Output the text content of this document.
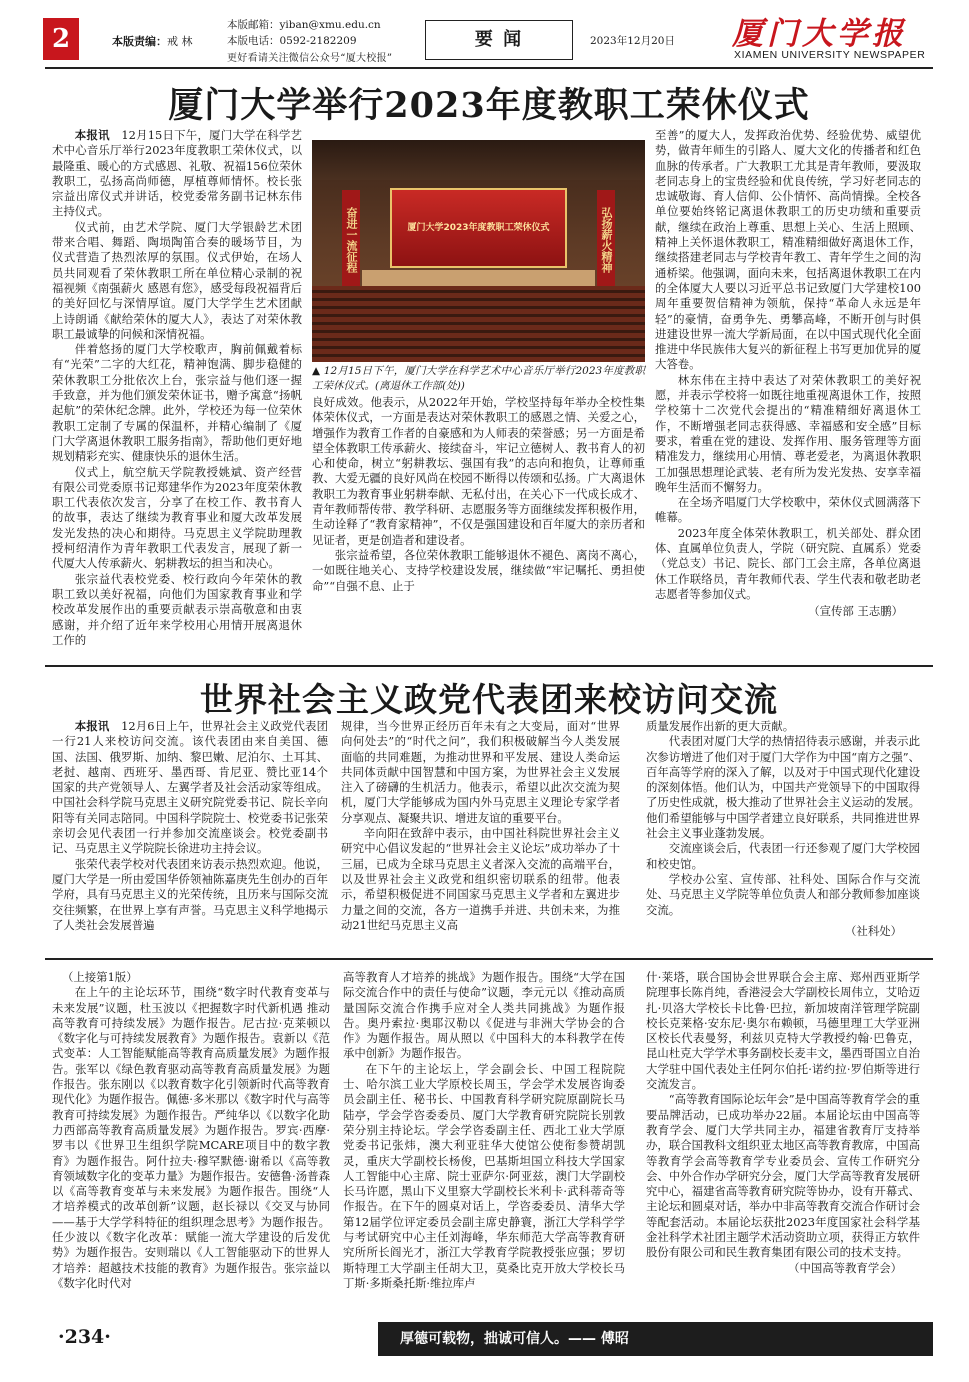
2	本版责编：戒 林
本版邮箱：yiban@xmu.edu.cn
本版电话：0592-2182209
更好看请关注微信公众号“厦大校报”
要 闻	2023年12月20日 厦门大学报
XIAMEN UNIVERSITY NEWSPAPER
厦门大学举行2023年度教职工荣休仪式
厦门大学2023年度教职工荣休仪式
奋进一流征程	弘扬薪火精神
▲ 12月15日下午，厦门大学在科学艺术中心音乐厅举行2023年度教职工荣休仪式。(离退休工作部(处))

本报讯　 12月15日下午，厦门大学在科学艺术中心音乐厅举行2023年度教职工荣休仪式，以最隆重、暖心的方式感恩、礼敬、祝福156位荣休教职工，弘扬高尚师德，厚植尊师情怀。校长张宗益出席仪式并讲话，校党委常务副书记林东伟主持仪式。

仪式前，由艺术学院、厦门大学银龄艺术团带来合唱、舞蹈、陶埙陶笛合奏的暖场节目，为仪式营造了热烈浓厚的氛围。仪式伊始，在场人员共同观看了荣休教职工所在单位精心录制的祝福视频《南强薪火 感恩有您》，感受每段祝福背后的美好回忆与深情厚谊。厦门大学学生艺术团献上诗朗诵《献给荣休的厦大人》，表达了对荣休教职工最诚挚的问候和深情祝福。

伴着悠扬的厦门大学校歌声，胸前佩戴着标有“光荣”二字的大红花，精神饱满、脚步稳健的荣休教职工分批依次上台，张宗益与他们逐一握手致意，并为他们颁发荣休证书，赠予寓意“扬帆起航”的荣休纪念牌。此外，学校还为每一位荣休教职工定制了专属的保温杯，并精心编制了《厦门大学离退休教职工服务指南》，帮助他们更好地规划精彩充实、健康快乐的退休生活。

仪式上，航空航天学院教授姚斌、资产经营有限公司党委原书记郑建华作为2023年度荣休教职工代表依次发言，分享了在校工作、教书育人的故事，表达了继续为教育事业和厦大改革发展发光发热的决心和期待。马克思主义学院助理教授柯绍清作为青年教职工代表发言，展现了新一代厦大人传承薪火、躬耕教坛的担当和决心。

张宗益代表校党委、校行政向今年荣休的教职工致以美好祝福，向他们为国家教育事业和学校改革发展作出的重要贡献表示崇高敬意和由衷感谢，并介绍了近年来学校用心用情开展离退休工作的

良好成效。他表示，从2022年开始，学校坚持每年举办全校性集体荣休仪式，一方面是表达对荣休教职工的感恩之情、关爱之心，增强作为教育工作者的自豪感和为人师表的荣誉感；另一方面是希望全体教职工传承薪火、接续奋斗，牢记立德树人、教书育人的初心和使命，树立“躬耕教坛、强国有我”的志向和抱负，让尊师重教、大爱无疆的良好风尚在校园不断得以传颂和弘扬。广大离退休教职工为教育事业躬耕奉献、无私付出，在关心下一代成长成才、青年教师帮传带、教学科研、志愿服务等方面继续发挥积极作用，生动诠释了“教育家精神”，不仅是强国建设和百年厦大的亲历者和见证者，更是创造者和建设者。

张宗益希望，各位荣休教职工能够退休不褪色、离岗不离心，一如既往地关心、支持学校建设发展，继续做“牢记嘱托、勇担使命”“自强不息、止于

至善”的厦大人，发挥政治优势、经验优势、威望优势，做青年师生的引路人、厦大文化的传播者和红色血脉的传承者。广大教职工尤其是青年教师，要汲取老同志身上的宝贵经验和优良传统，学习好老同志的忠诚敬诲、育人信仰、公仆情怀、高尚情操。全校各单位要始终铭记离退休教职工的历史功绩和重要贡献，继续在政治上尊重、思想上关心、生活上照顾、精神上关怀退休教职工，精准精细做好离退休工作，继续搭建老同志与学校青年教工、青年学生之间的沟通桥梁。他强调，面向未来，包括离退休教职工在内的全体厦大人要以习近平总书记致厦门大学建校100周年重要贺信精神为领航，保持“革命人永远是年轻”的豪情，奋勇争先、勇攀高峰，不断开创与时俱进建设世界一流大学新局面，在以中国式现代化全面推进中华民族伟大复兴的新征程上书写更加优异的厦大答卷。

林东伟在主持中表达了对荣休教职工的美好祝愿，并表示学校将一如既往地重视离退休工作，按照学校第十二次党代会提出的“精准精细好离退休工作，不断增强老同志获得感、幸福感和安全感”目标要求，着重在党的建设、发挥作用、服务管理等方面精准发力，继续用心用情、尊老爱老，为离退休教职工加强思想理论武装、老有所为发光发热、安享幸福晚年生活而不懈努力。

在全场齐唱厦门大学校歌中，荣休仪式圆满落下帷幕。

2023年度全体荣休教职工，机关部处、群众团体、直属单位负责人，学院（研究院、直属系）党委（党总支）书记、院长、部门工会主席，各单位离退休工作联络员，青年教师代表、学生代表和敬老助老志愿者等参加仪式。

（宣传部 王志鹏）

世界社会主义政党代表团来校访问交流

本报讯　 12月6日上午，世界社会主义政党代表团一行21人来校访问交流。该代表团由来自美国、德国、法国、俄罗斯、加纳、黎巴嫩、尼泊尔、土耳其、老挝、越南、西班牙、墨西哥、肯尼亚、赞比亚14个国家的共产党领导人、左翼学者及社会活动家等组成。中国社会科学院马克思主义研究院党委书记、院长辛向阳等有关同志陪同。中国科学院院士、校党委书记张荣亲切会见代表团一行并参加交流座谈会。校党委副书记、马克思主义学院院长徐进功主持会议。

张荣代表学校对代表团来访表示热烈欢迎。他说，厦门大学是一所由爱国华侨领袖陈嘉庚先生创办的百年学府，具有马克思主义的光荣传统，且历来与国际交流交往频繁，在世界上享有声誉。马克思主义科学地揭示了人类社会发展普遍

规律，当今世界正经历百年未有之大变局，面对“世界向何处去”的“时代之问”，我们积极破解当今人类发展面临的共同难题，为推动世界和平发展、建设人类命运共同体贡献中国智慧和中国方案，为世界社会主义发展注入了磅礴的生机活力。他表示，希望以此次交流为契机，厦门大学能够成为国内外马克思主义理论专家学者分享观点、凝聚共识、增进友谊的重要平台。

辛向阳在致辞中表示，由中国社科院世界社会主义研究中心倡议发起的“世界社会主义论坛”成功举办了十三届，已成为全球马克思主义者深入交流的高端平台，以及世界社会主义政党和组织密切联系的纽带。他表示，希望积极促进不同国家马克思主义学者和左翼进步力量之间的交流，各方一道携手并进、共创未来，为推动21世纪马克思主义高

质量发展作出新的更大贡献。

代表团对厦门大学的热情招待表示感谢，并表示此次参访增进了他们对于厦门大学作为中国“南方之强”、百年高等学府的深入了解，以及对于中国式现代化建设的深刻体悟。他们认为，中国共产党领导下的中国取得了历史性成就，极大推动了世界社会主义运动的发展。他们希望能够与中国学者建立良好联系，共同推进世界社会主义事业蓬勃发展。

交流座谈会后，代表团一行还参观了厦门大学校园和校史馆。

学校办公室、宣传部、社科处、国际合作与交流处、马克思主义学院等单位负责人和部分教师参加座谈交流。

（社科处）

（上接第1版）

在上午的主论坛环节，围绕“数字时代教育变革与未来发展”议题，杜玉波以《把握数字时代新机遇 推动高等教育可持续发展》为题作报告。尼古拉·克莱顿以《数字化与可持续发展教育》为题作报告。袁新以《范式变革：人工智能赋能高等教育高质量发展》为题作报告。张军以《绿色教育驱动高等教育高质量发展》为题作报告。张东刚以《以教育数字化引领新时代高等教育现代化》为题作报告。佩德·多米那以《数字时代与高等教育可持续发展》为题作报告。严纯华以《以数字化助力西部高等教育高质量发展》为题作报告。罗宾·西摩·罗韦以《世界卫生组织学院MCARE项目中的数字教育》为题作报告。阿什拉夫·穆罕默德·谢希以《高等教育领域数字化的变革力量》为题作报告。安德鲁·汤普森以《高等教育变革与未来发展》为题作报告。围绕“人才培养模式的改革创新”议题，赵长禄以《交叉与协同——基于大学学科特征的组织理念思考》为题作报告。任少波以《数字化改革：赋能一流大学建设的后发优势》为题作报告。安则瑞以《人工智能驱动下的世界人才培养：超越技术技能的教育》为题作报告。张宗益以《数字化时代对

高等教育人才培养的挑战》为题作报告。围绕“大学在国际交流合作中的责任与使命”议题，李元元以《推动高质量国际交流合作携手应对全人类共同挑战》为题作报告。奥丹索拉·奥耶汉勒以《促进与非洲大学协会的合作》为题作报告。周从照以《中国科大的本科教学在传承中创新》为题作报告。

在下午的主论坛上，学会副会长、中国工程院院士、哈尔滨工业大学原校长周玉，学会学术发展咨询委员会副主任、秘书长、中国教育科学研究院原副院长马陆亭，学会学咨委委员、厦门大学教育研究院院长别敦荣分别主持论坛。学会学咨委副主任、西北工业大学原党委书记张炜，澳大利亚驻华大使馆公使衔参赞胡凯灵，重庆大学副校长杨俊，巴基斯坦国立科技大学国家人工智能中心主席、院士亚萨尔·阿亚兹，澳门大学副校长马许愿，黑山下义里察大学副校长米利卡·武科蒂奇等作报告。在下午的圆桌对话上，学咨委委员、清华大学第12届学位评定委员会副主席史静寰，浙江大学科学学与考试研究中心主任刘海峰，华东师范大学高等教育研究所所长阎光才，浙江大学教育学院教授张应强；罗切斯特理工大学副主任胡大卫，莫桑比克开放大学校长马丁斯·多斯桑托斯·维拉库卢

什·莱塔，联合国协会世界联合会主席、郑州西亚斯学院理事长陈肖纯，香港浸会大学副校长周伟立，艾哈迈扎·贝洛大学校长卡比鲁·巴拉，新加坡南洋管理学院副校长克莱格·安东尼·奥尔布赖顿，马德里理工大学亚洲区校长代表曼努，利兹贝克特大学教授约翰·巴鲁克，昆山杜克大学学术事务副校长麦丰文，墨西哥国立自治大学驻中国代表处主任阿尔伯托·诺约拉·罗伯斯等进行交流发言。

“高等教育国际论坛年会”是中国高等教育学会的重要品牌活动，已成功举办22届。本届论坛由中国高等教育学会、厦门大学共同主办，福建省教育厅支持举办，联合国教科文组织亚太地区高等教育教席，中国高等教育学会高等教育学专业委员会、宣传工作研究分会、中外合作办学研究分会，厦门大学高等教育发展研究中心，福建省高等教育研究院等协办，设有开幕式、主论坛和圆桌对话，举办中非高等教育交流合作研讨会等配套活动。本届论坛获批2023年度国家社会科学基金社科学术社团主题学术活动资助立项，获得正方软件股份有限公司和民生教育集团有限公司的技术支持。

（中国高等教育学会）

·234·	厚德可载物，拙诚可信人。—— 傅昭
